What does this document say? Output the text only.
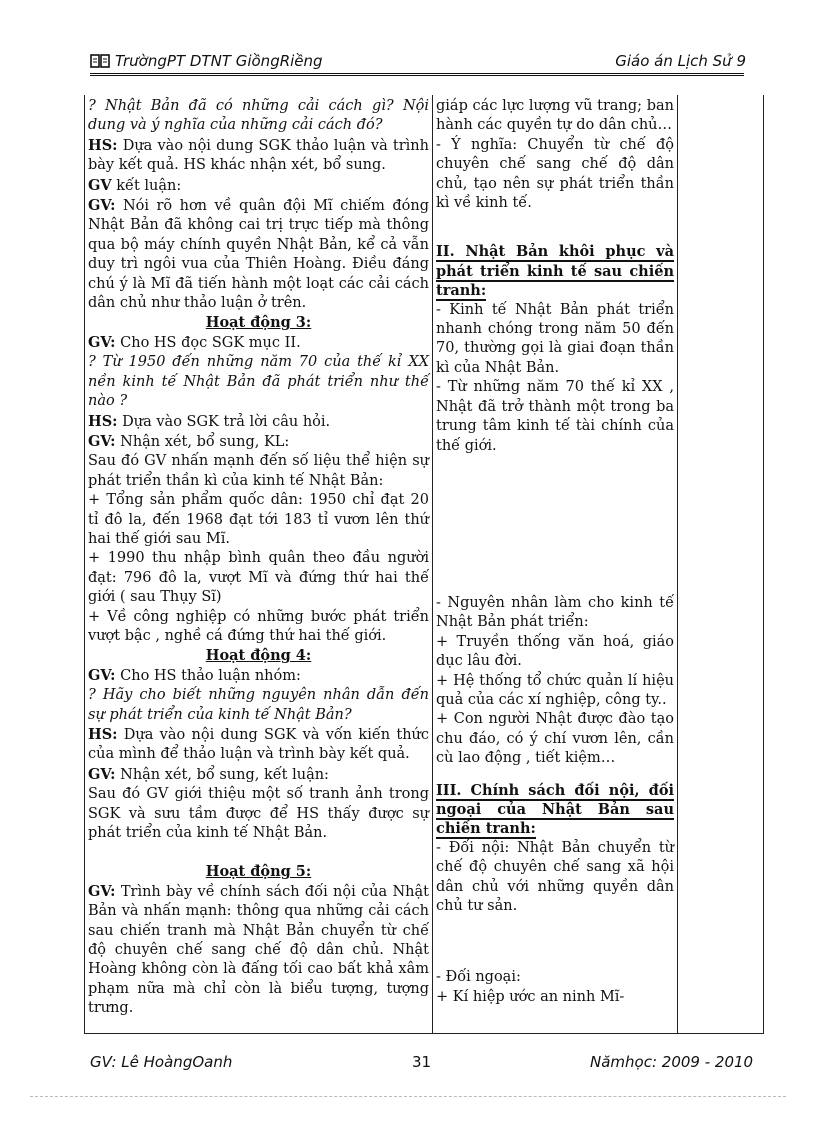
TrườngPT DTNT GiồngRiềng	Giáo án Lịch Sử 9

? Nhật Bản đã có những cải cách gì? Nội dung và ý nghĩa của những cải cách đó?

HS: Dựa vào nội dung SGK thảo luận và trình bày kết quả. HS khác nhận xét, bổ sung.

GV kết luận:

GV: Nói rõ hơn về quân đội Mĩ chiếm đóng Nhật Bản đã không cai trị trực tiếp mà thông qua bộ máy chính quyền Nhật Bản, kể cả vẫn duy trì ngôi vua của Thiên Hoàng. Điều đáng chú ý là Mĩ đã tiến hành một loạt các cải cách dân chủ như thảo luận ở trên.

Hoạt động 3:

GV: Cho HS đọc SGK mục II.

? Từ 1950 đến những năm 70 của thế kỉ XX nền kinh tế Nhật Bản đã phát triển như thế nào ?

HS: Dựa vào SGK trả lời câu hỏi.

GV: Nhận xét, bổ sung, KL:

Sau đó GV nhấn mạnh đến số liệu thể hiện sự phát triển thần kì của kinh tế Nhật Bản:

+ Tổng sản phẩm quốc dân: 1950 chỉ đạt 20 tỉ đô la, đến 1968 đạt tới 183 tỉ vươn lên thứ hai thế giới sau Mĩ.

+ 1990 thu nhập bình quân theo đầu người đạt: 796 đô la, vượt Mĩ và đứng thứ hai thế giới ( sau Thụy Sĩ)

+ Về công nghiệp có những bước phát triển vượt bậc , nghề cá đứng thứ hai thế giới.

Hoạt động 4:

GV: Cho HS thảo luận nhóm:

? Hãy cho biết những nguyên nhân dẫn đến sự phát triển của kinh tế Nhật Bản?

HS: Dựa vào nội dung SGK và vốn kiến thức của mình để thảo luận và trình bày kết quả.

GV: Nhận xét, bổ sung, kết luận:

Sau đó GV giới thiệu một số tranh ảnh trong SGK và sưu tầm được để HS thấy được sự phát triển của kinh tế Nhật Bản.

Hoạt động 5:

GV: Trình bày về chính sách đối nội của Nhật Bản và nhấn mạnh: thông qua những cải cách sau chiến tranh mà Nhật Bản chuyển từ chế độ chuyên chế sang chế độ dân chủ. Nhật Hoàng không còn là đấng tối cao bất khả xâm phạm nữa mà chỉ còn là biểu tượng, tượng trưng.

giáp các lực lượng vũ trang; ban hành các quyền tự do dân chủ…

- Ý nghĩa: Chuyển từ chế độ chuyên chế sang chế độ dân chủ, tạo nên sự phát triển thần kì về kinh tế.

II. Nhật Bản khôi phục và phát triển kinh tế sau chiến tranh:

- Kinh tế Nhật Bản phát triển nhanh chóng trong năm 50 đến 70, thường gọi là giai đoạn thần kì của Nhật Bản.

- Từ những năm 70 thế kỉ XX , Nhật đã trở thành một trong ba trung tâm kinh tế tài chính của thế giới.

- Nguyên nhân làm cho kinh tế Nhật Bản phát triển:

+ Truyền thống văn hoá, giáo dục lâu đời.

+ Hệ thống tổ chức quản lí hiệu quả của các xí nghiệp, công ty..

+ Con người Nhật được đào tạo chu đáo, có ý chí vươn lên, cần cù lao động , tiết kiệm…

III. Chính sách đối nội, đối ngoại của Nhật Bản sau chiến tranh:

- Đối nội: Nhật Bản chuyển từ chế độ chuyên chế sang xã hội dân chủ với những quyền dân chủ tư sản.

- Đối ngoại:

+ Kí hiệp ước an ninh Mĩ-

GV: Lê HoàngOanh	31	Nămhọc: 2009 - 2010
